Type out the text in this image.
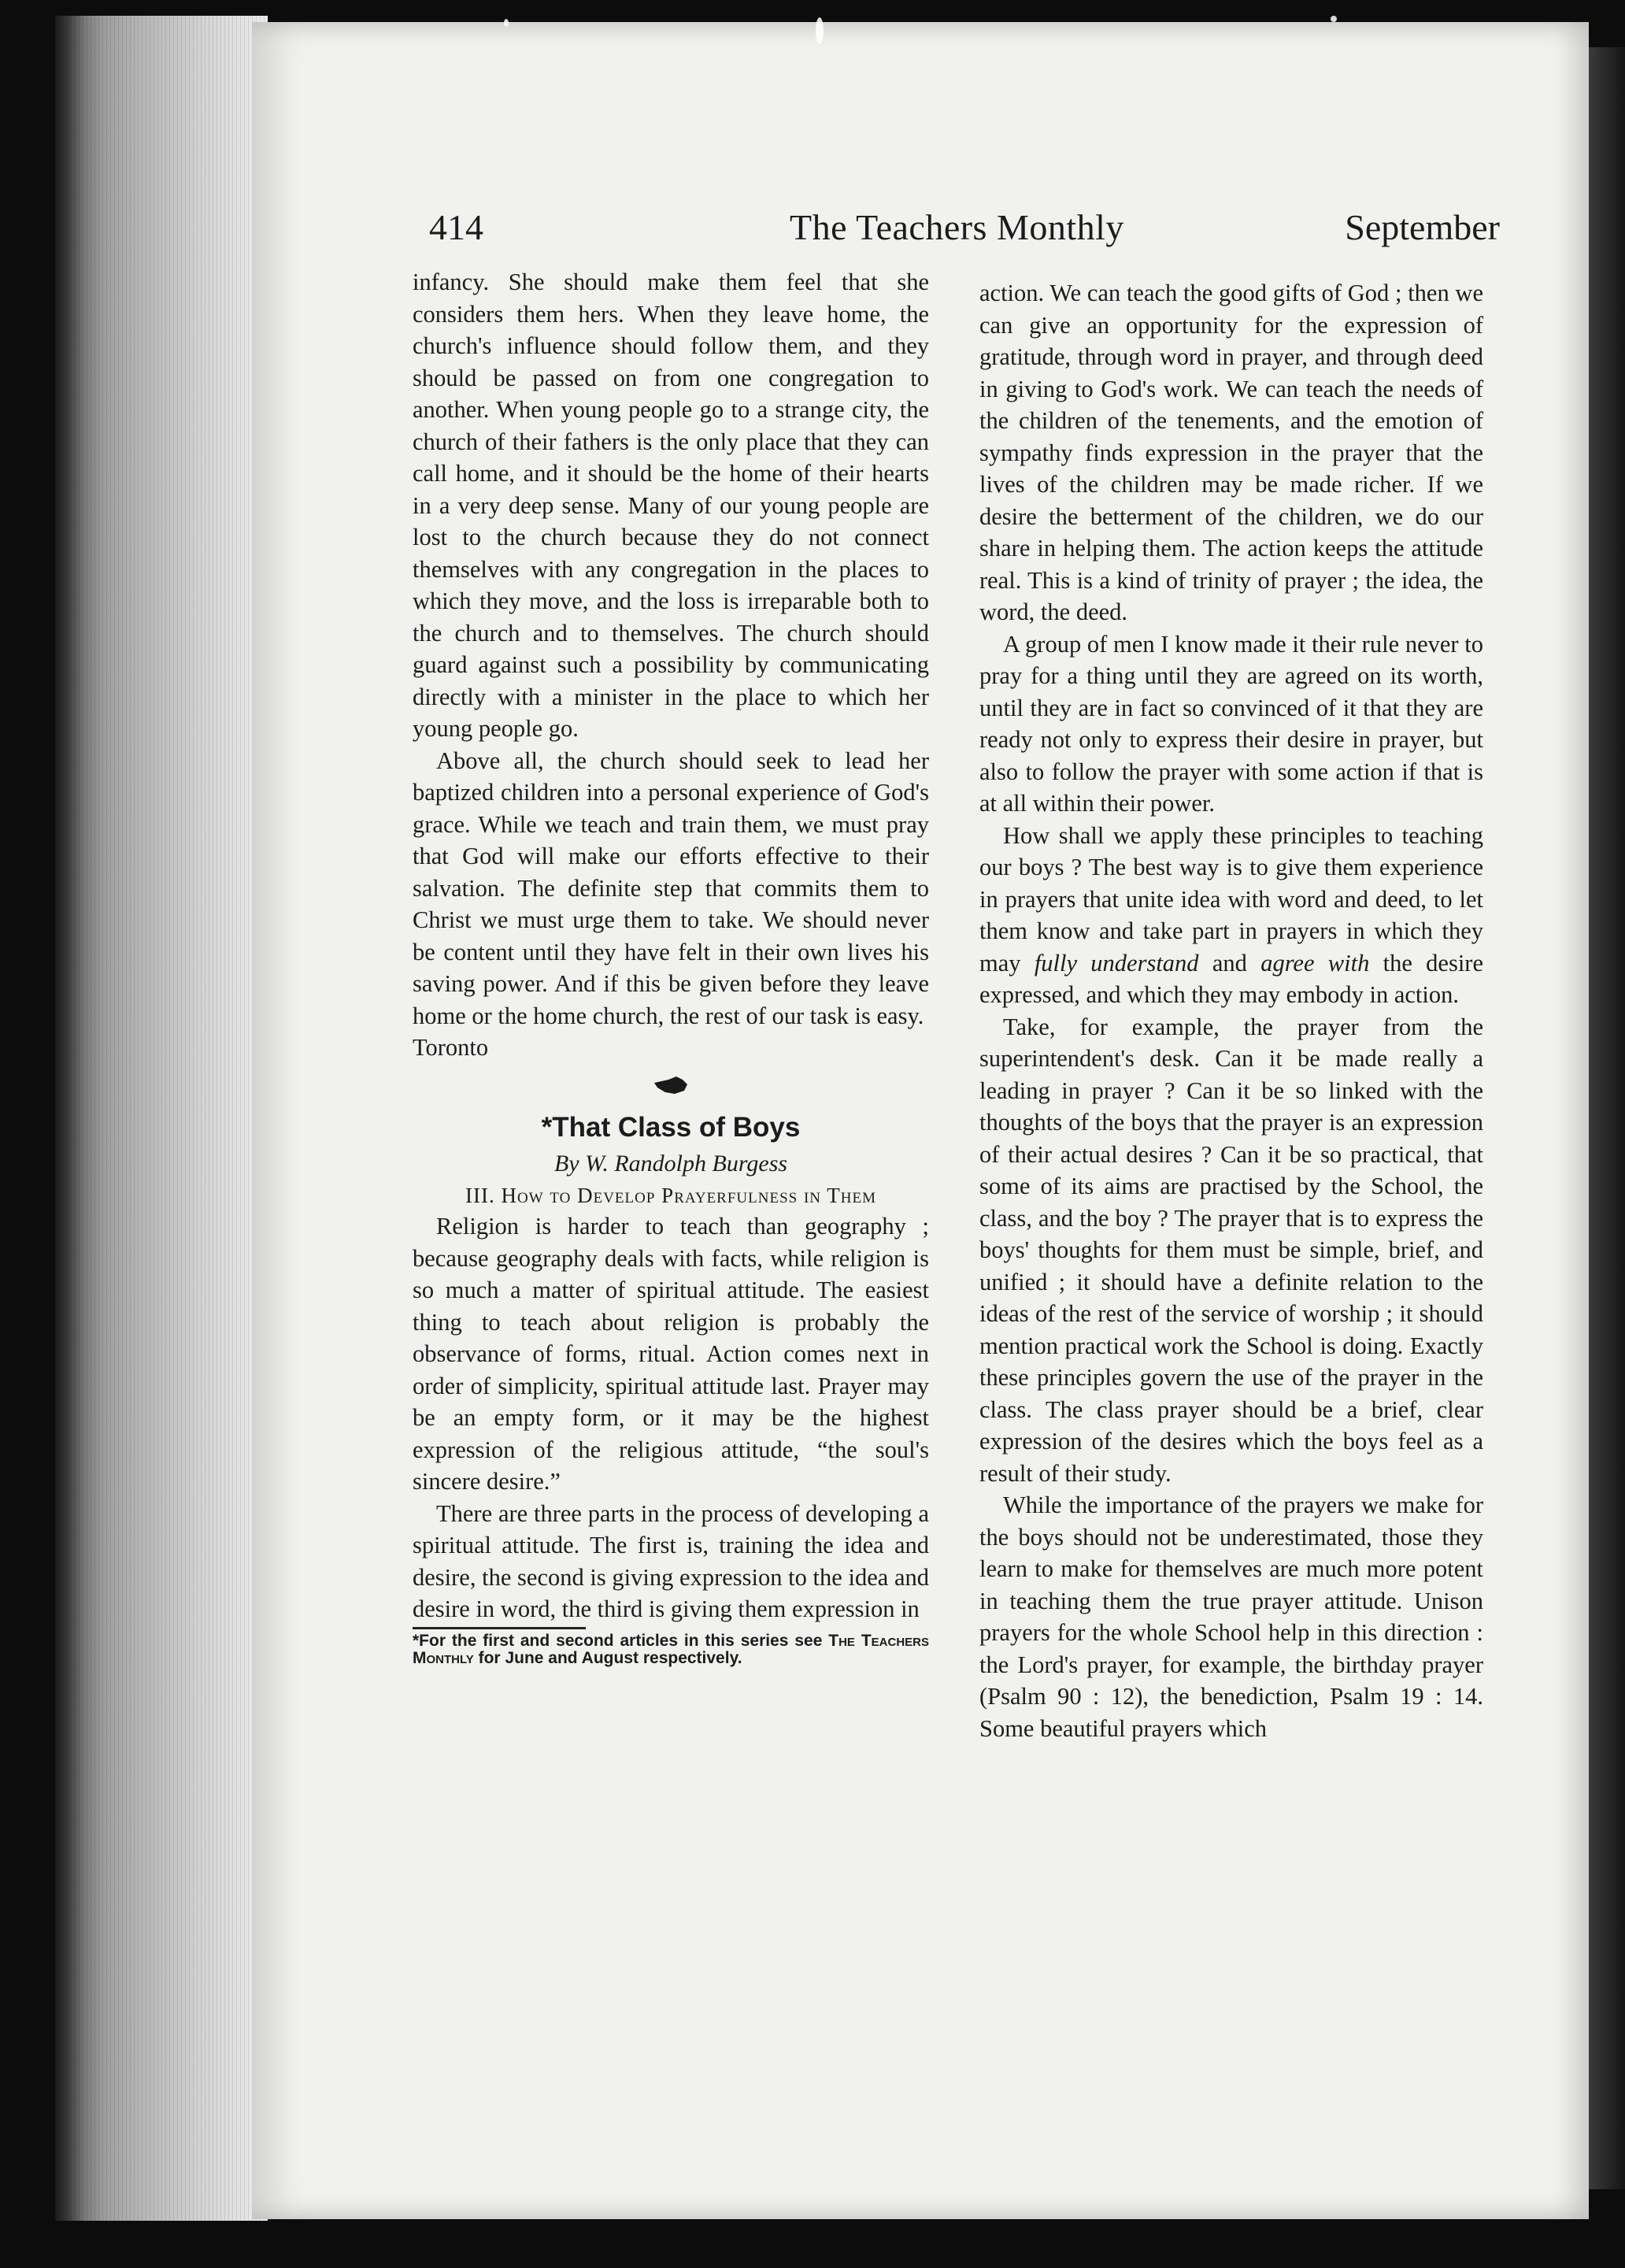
414	The Teachers Monthly	September

infancy. She should make them feel that she considers them hers. When they leave home, the church's influence should follow them, and they should be passed on from one congregation to another. When young people go to a strange city, the church of their fathers is the only place that they can call home, and it should be the home of their hearts in a very deep sense. Many of our young people are lost to the church because they do not connect themselves with any congregation in the places to which they move, and the loss is irreparable both to the church and to themselves. The church should guard against such a possibility by communicating directly with a minister in the place to which her young people go.

Above all, the church should seek to lead her baptized children into a personal experience of God's grace. While we teach and train them, we must pray that God will make our efforts effective to their salvation. The definite step that commits them to Christ we must urge them to take. We should never be content until they have felt in their own lives his saving power. And if this be given before they leave home or the home church, the rest of our task is easy.

Toronto

*That Class of Boys

By W. Randolph Burgess

III. How to Develop Prayerfulness in Them

Religion is harder to teach than geography ; because geography deals with facts, while religion is so much a matter of spiritual attitude. The easiest thing to teach about religion is probably the observance of forms, ritual. Action comes next in order of simplicity, spiritual attitude last. Prayer may be an empty form, or it may be the highest expression of the religious attitude, “the soul's sincere desire.”

There are three parts in the process of developing a spiritual attitude. The first is, training the idea and desire, the second is giving expression to the idea and desire in word, the third is giving them expression in

*For the first and second articles in this series see The Teachers Monthly for June and August respectively.

action. We can teach the good gifts of God ; then we can give an opportunity for the expression of gratitude, through word in prayer, and through deed in giving to God's work. We can teach the needs of the children of the tenements, and the emotion of sympathy finds expression in the prayer that the lives of the children may be made richer. If we desire the betterment of the children, we do our share in helping them. The action keeps the attitude real. This is a kind of trinity of prayer ; the idea, the word, the deed.

A group of men I know made it their rule never to pray for a thing until they are agreed on its worth, until they are in fact so convinced of it that they are ready not only to express their desire in prayer, but also to follow the prayer with some action if that is at all within their power.

How shall we apply these principles to teaching our boys ? The best way is to give them experience in prayers that unite idea with word and deed, to let them know and take part in prayers in which they may fully understand and agree with the desire expressed, and which they may embody in action.

Take, for example, the prayer from the superintendent's desk. Can it be made really a leading in prayer ? Can it be so linked with the thoughts of the boys that the prayer is an expression of their actual desires ? Can it be so practical, that some of its aims are practised by the School, the class, and the boy ? The prayer that is to express the boys' thoughts for them must be simple, brief, and unified ; it should have a definite relation to the ideas of the rest of the service of worship ; it should mention practical work the School is doing. Exactly these principles govern the use of the prayer in the class. The class prayer should be a brief, clear expression of the desires which the boys feel as a result of their study.

While the importance of the prayers we make for the boys should not be underestimated, those they learn to make for themselves are much more potent in teaching them the true prayer attitude. Unison prayers for the whole School help in this direction : the Lord's prayer, for example, the birthday prayer (Psalm 90 : 12), the benediction, Psalm 19 : 14. Some beautiful prayers which
